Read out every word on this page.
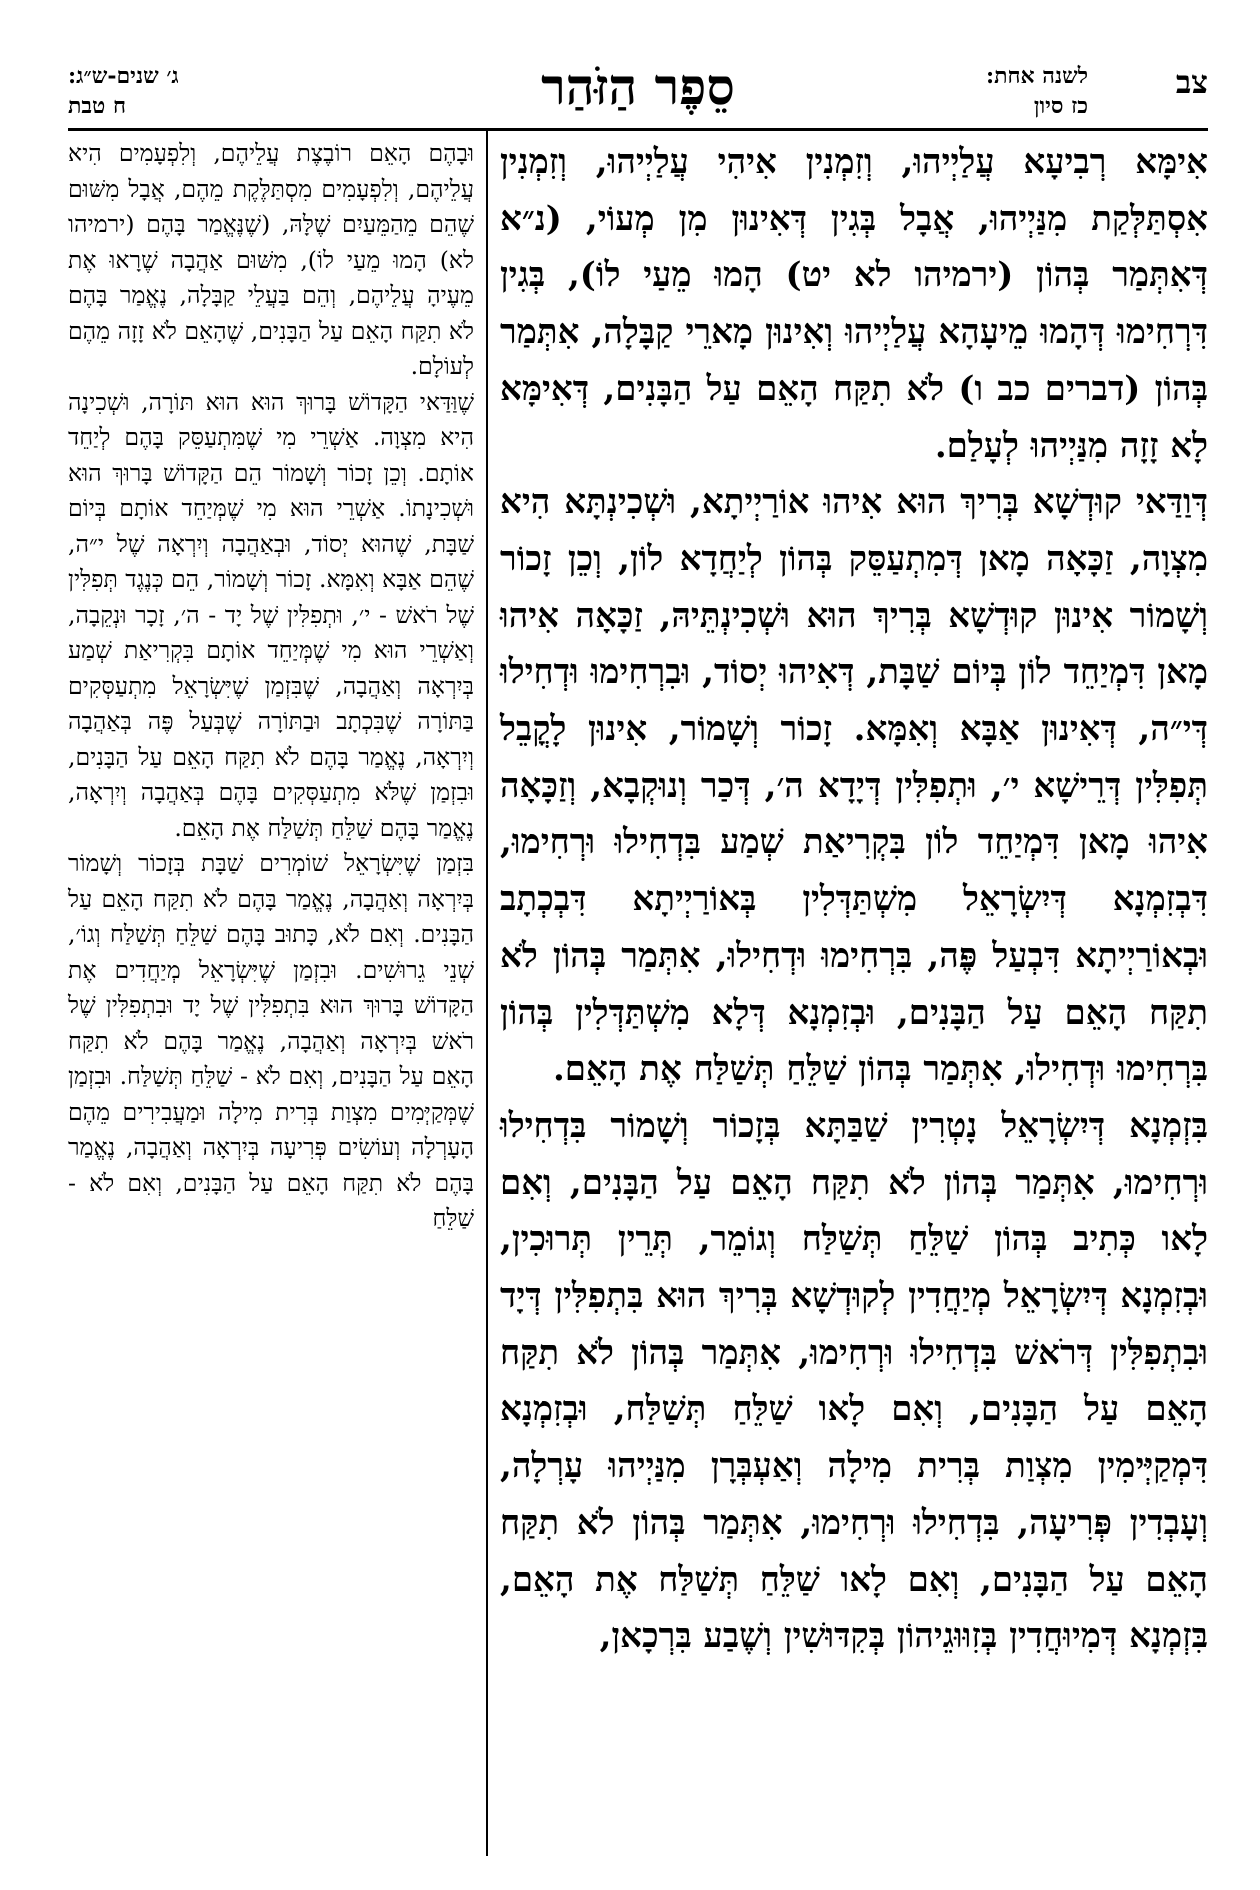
צב
לשנה אחת:
כז סיון
סֵפֶר הַזֹּהַר
ג׳ שנים-ש״ג:
ח טבת

אִימָּא רְבִיעָא עֲלַיְיהוּ, וְזִמְנִין אִיהִי עֲלַיְיהוּ, וְזִמְנִין אִסְתַּלְּקַת מִנַּיְיהוּ, אֲבָל בְּגִין דְּאִינוּן מִן מְעוֹי, (נ״א דְּאִתְּמַר בְּהוֹן (ירמיהו לא יט) הָמוּ מֵעַי לוֹ), בְּגִין דִּרְחִימוּ דְּהָמוּ מֵיעָהָא עֲלַיְיהוּ וְאִינוּן מָארֵי קַבָּלָה, אִתְּמַר בְּהוֹן (דברים כב ו) לֹא תִקַּח הָאֵם עַל הַבָּנִים, דְּאִימָּא לָא זָזָה מִנַּיְיהוּ לְעָלַם.

דְּוַדַּאי קוּדְשָׁא בְּרִיךְ הוּא אִיהוּ אוֹרַיְיתָא, וּשְׁכִינְתָּא הִיא מִצְוָה, זַכָּאָה מָאן דְּמִתְעַסֵּק בְּהוֹן לְיַחֲדָא לוֹן, וְכֵן זָכוֹר וְשָׁמוֹר אִינוּן קוּדְשָׁא בְּרִיךְ הוּא וּשְׁכִינְתֵּיהּ, זַכָּאָה אִיהוּ מָאן דִּמְיַחֵד לוֹן בְּיוֹם שַׁבָּת, דְּאִיהוּ יְסוֹד, וּבִרְחִימוּ וּדְחִילוּ דְּי״ה, דְּאִינוּן אַבָּא וְאִמָּא. זָכוֹר וְשָׁמוֹר, אִינוּן לָקֳבֵל תְּפִלִּין דְּרֵישָׁא י׳, וּתְפִלִּין דְּיָדָא ה׳, דְּכַר וְנוּקְבָא, וְזַכָּאָה אִיהוּ מָאן דִּמְיַחֵד לוֹן בִּקְרִיאַת שְׁמַע בִּדְחִילוּ וּרְחִימוּ, דִּבְזִמְנָא דְּיִשְׂרָאֵל מִשְׁתַּדְּלִין בְּאוֹרַיְיתָא דִּבְכְתָב וּבְאוֹרַיְיתָא דִּבְעַל פֶּה, בִּרְחִימוּ וּדְחִילוּ, אִתְּמַר בְּהוֹן לֹא תִקַּח הָאֵם עַל הַבָּנִים, וּבְזִמְנָא דְּלָא מִשְׁתַּדְּלִין בְּהוֹן בִּרְחִימוּ וּדְחִילוּ, אִתְּמַר בְּהוֹן שַׁלֵּחַ תְּשַׁלַּח אֶת הָאֵם.

בִּזְמְנָא דְּיִשְׂרָאֵל נָטְרִין שַׁבַּתָּא בְּזָכוֹר וְשָׁמוֹר בִּדְחִילוּ וּרְחִימוּ, אִתְּמַר בְּהוֹן לֹא תִקַּח הָאֵם עַל הַבָּנִים, וְאִם לָאו כְּתִיב בְּהוֹן שַׁלֵּחַ תְּשַׁלַּח וְגוֹמֵר, תְּרֵין תְּרוּכִין, וּבְזִמְנָא דְּיִשְׂרָאֵל מְיַחֲדִין לְקוּדְשָׁא בְּרִיךְ הוּא בִּתְפִלִּין דְּיָד וּבִתְפִלִּין דְּרֹאשׁ בִּדְחִילוּ וּרְחִימוּ, אִתְּמַר בְּהוֹן לֹא תִקַּח הָאֵם עַל הַבָּנִים, וְאִם לָאו שַׁלֵּחַ תְּשַׁלַּח, וּבְזִמְנָא דִּמְקַיְּימִין מִצְוַת בְּרִית מִילָה וְאַעְבְּרָן מִנַּיְיהוּ עָרְלָה, וְעָבְדִין פְּרִיעָה, בִּדְחִילוּ וּרְחִימוּ, אִתְּמַר בְּהוֹן לֹא תִקַּח הָאֵם עַל הַבָּנִים, וְאִם לָאו שַׁלֵּחַ תְּשַׁלַּח אֶת הָאֵם, בִּזְמְנָא דְּמִיוּחֲדִין בְּזִוּוּגֵיהוֹן בְּקִדּוּשִׁין וְשֶׁבַע בִּרְכָאן,

וּבָהֶם הָאֵם רוֹבֶצֶת עֲלֵיהֶם, וְלִפְעָמִים הִיא עֲלֵיהֶם, וְלִפְעָמִים מִסְתַּלֶּקֶת מֵהֶם, אֲבָל מִשּׁוּם שֶׁהֵם מֵהַמֵּעַיִם שֶׁלָּהּ, (שֶׁנֶּאֱמַר בָּהֶם (ירמיהו לא) הָמוּ מֵעַי לוֹ), מִשּׁוּם אַהֲבָה שֶׁרָאוּ אֶת מֵעֶיהָ עֲלֵיהֶם, וְהֵם בַּעֲלֵי קַבָּלָה, נֶאֱמַר בָּהֶם לֹא תִקַּח הָאֵם עַל הַבָּנִים, שֶׁהָאֵם לֹא זָזָה מֵהֶם לְעוֹלָם.

שֶׁוַּדַּאי הַקָּדוֹשׁ בָּרוּךְ הוּא הוּא תּוֹרָה, וּשְׁכִינָה הִיא מִצְוָה. אַשְׁרֵי מִי שֶׁמִּתְעַסֵּק בָּהֶם לְיַחֵד אוֹתָם. וְכֵן זָכוֹר וְשָׁמוֹר הֵם הַקָּדוֹשׁ בָּרוּךְ הוּא וּשְׁכִינָתוֹ. אַשְׁרֵי הוּא מִי שֶׁמְּיַחֵד אוֹתָם בְּיוֹם שַׁבָּת, שֶׁהוּא יְסוֹד, וּבְאַהֲבָה וְיִרְאָה שֶׁל י״ה, שֶׁהֵם אַבָּא וְאִמָּא. זָכוֹר וְשָׁמוֹר, הֵם כְּנֶגֶד תְּפִלִּין שֶׁל רֹאשׁ - י׳, וּתְפִלִּין שֶׁל יָד - ה׳, זָכָר וּנְקֵבָה, וְאַשְׁרֵי הוּא מִי שֶׁמְּיַחֵד אוֹתָם בִּקְרִיאַת שְׁמַע בְּיִרְאָה וְאַהֲבָה, שֶׁבִּזְמַן שֶׁיִּשְׂרָאֵל מִתְעַסְּקִים בַּתּוֹרָה שֶׁבִּכְתָב וּבַתּוֹרָה שֶׁבְּעַל פֶּה בְּאַהֲבָה וְיִרְאָה, נֶאֱמַר בָּהֶם לֹא תִקַּח הָאֵם עַל הַבָּנִים, וּבִזְמַן שֶׁלֹּא מִתְעַסְּקִים בָּהֶם בְּאַהֲבָה וְיִרְאָה, נֶאֱמַר בָּהֶם שַׁלֵּחַ תְּשַׁלַּח אֶת הָאֵם.

בִּזְמַן שֶׁיִּשְׂרָאֵל שׁוֹמְרִים שַׁבָּת בְּזָכוֹר וְשָׁמוֹר בְּיִרְאָה וְאַהֲבָה, נֶאֱמַר בָּהֶם לֹא תִקַּח הָאֵם עַל הַבָּנִים. וְאִם לֹא, כָּתוּב בָּהֶם שַׁלֵּחַ תְּשַׁלַּח וְגוֹ׳, שְׁנֵי גֵרוּשִׁים. וּבִזְמַן שֶׁיִּשְׂרָאֵל מְיַחֲדִים אֶת הַקָּדוֹשׁ בָּרוּךְ הוּא בִּתְפִלִּין שֶׁל יָד וּבִתְפִלִּין שֶׁל רֹאשׁ בְּיִרְאָה וְאַהֲבָה, נֶאֱמַר בָּהֶם לֹא תִקַּח הָאֵם עַל הַבָּנִים, וְאִם לֹא - שַׁלֵּחַ תְּשַׁלַּח. וּבִזְמַן שֶׁמְּקַיְּמִים מִצְוַת בְּרִית מִילָה וּמַעֲבִירִים מֵהֶם הָעָרְלָה וְעוֹשִׂים פְּרִיעָה בְּיִרְאָה וְאַהֲבָה, נֶאֱמַר בָּהֶם לֹא תִקַּח הָאֵם עַל הַבָּנִים, וְאִם לֹא - שַׁלֵּחַ
